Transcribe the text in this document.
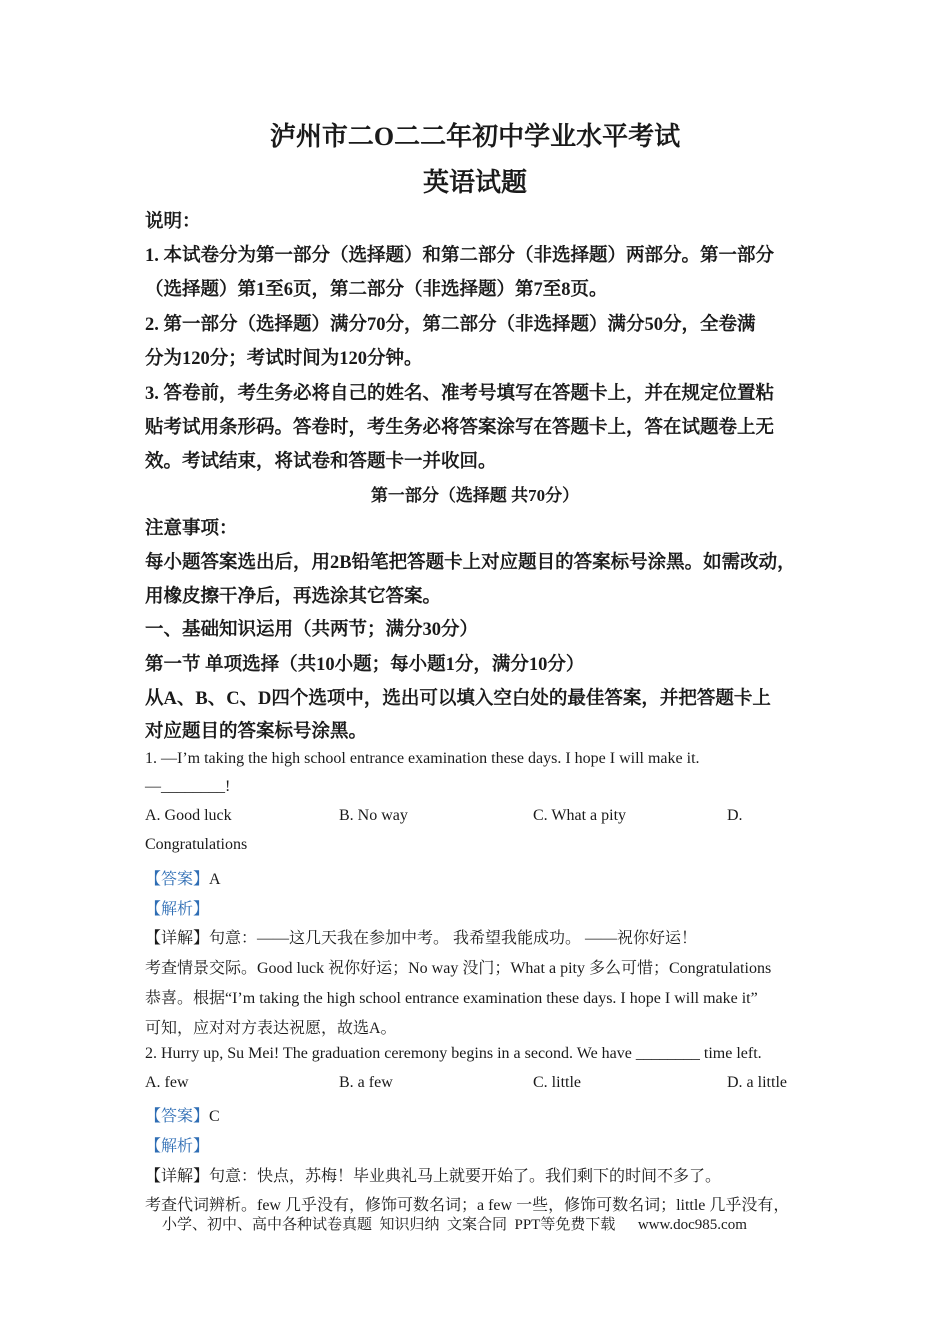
泸州市二O二二年初中学业水平考试
英语试题
说明：
1. 本试卷分为第一部分（选择题）和第二部分（非选择题）两部分。第一部分
（选择题）第1至6页，第二部分（非选择题）第7至8页。
2. 第一部分（选择题）满分70分，第二部分（非选择题）满分50分，全卷满
分为120分；考试时间为120分钟。
3. 答卷前，考生务必将自己的姓名、准考号填写在答题卡上，并在规定位置粘
贴考试用条形码。答卷时，考生务必将答案涂写在答题卡上，答在试题卷上无
效。考试结束，将试卷和答题卡一并收回。
第一部分（选择题 共70分）
注意事项：
每小题答案选出后，用2B铅笔把答题卡上对应题目的答案标号涂黑。如需改动，
用橡皮擦干净后，再选涂其它答案。
一、基础知识运用（共两节；满分30分）
第一节 单项选择（共10小题；每小题1分，满分10分）
从A、B、C、D四个选项中，选出可以填入空白处的最佳答案，并把答题卡上
对应题目的答案标号涂黑。
1. —I’m taking the high school entrance examination these days. I hope I will make it.
—________!
A. Good luck	B. No way	C. What a pity	D.
Congratulations
【答案】A
【解析】
【详解】句意：——这几天我在参加中考。 我希望我能成功。 ——祝你好运！
考查情景交际。Good luck 祝你好运；No way 没门；What a pity 多么可惜；Congratulations
恭喜。根据“I’m taking the high school entrance examination these days. I hope I will make it”
可知，应对对方表达祝愿，故选A。
2. Hurry up, Su Mei! The graduation ceremony begins in a second. We have ________ time left.
A. few	B. a few	C. little	D. a little
【答案】C
【解析】
【详解】句意：快点，苏梅！毕业典礼马上就要开始了。我们剩下的时间不多了。
考查代词辨析。few 几乎没有，修饰可数名词；a few 一些，修饰可数名词；little 几乎没有，
小学、初中、高中各种试卷真题  知识归纳  文案合同  PPT等免费下载      www.doc985.com
